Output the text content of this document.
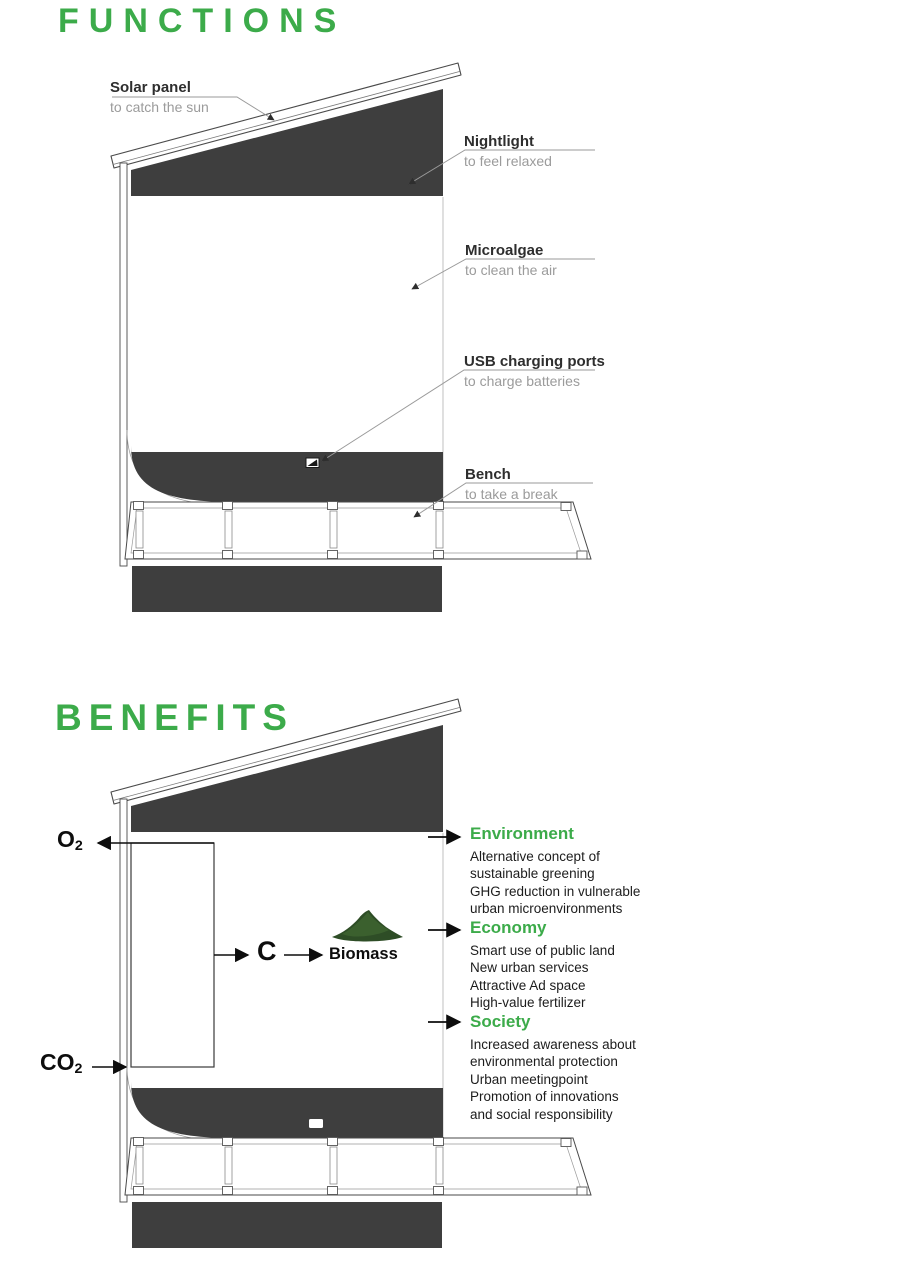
FUNCTIONS
BENEFITS
Solar panel
to catch the sun
Nightlight
to feel relaxed
Microalgae
to clean the air
USB charging ports
to charge batteries
Bench
to take a break
$O_2$
$CO_2$
C	Biomass
Environment
Alternative concept of
sustainable greening
GHG reduction in vulnerable
urban microenvironments
Economy
Smart use of public land
New urban services
Attractive Ad space
High-value fertilizer
Society
Increased awareness about
environmental protection
Urban meetingpoint
Promotion of innovations
and social responsibility
